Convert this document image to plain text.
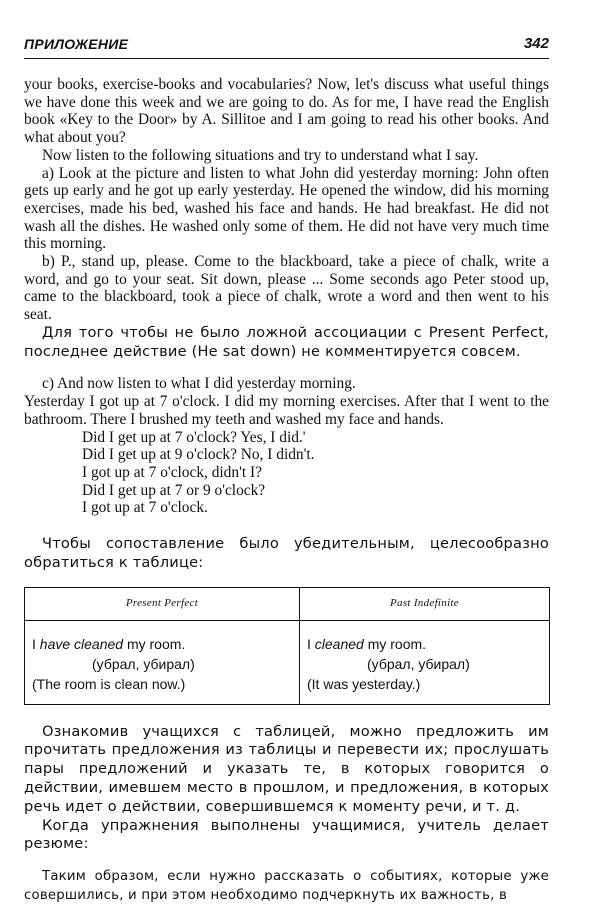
ПРИЛОЖЕНИЕ	342

your books, exercise-books and vocabularies? Now, let's discuss what useful things we have done this week and we are going to do. As for me, I have read the English book «Key to the Door» by A. Sillitoe and I am going to read his other books. And what about you?

Now listen to the following situations and try to understand what I say.

a) Look at the picture and listen to what John did yesterday morning: John often gets up early and he got up early yesterday. He opened the window, did his morning exercises, made his bed, washed his face and hands. He had breakfast. He did not wash all the dishes. He washed only some of them. He did not have very much time this morning.

b) P., stand up, please. Come to the blackboard, take a piece of chalk, write a word, and go to your seat. Sit down, please ... Some seconds ago Peter stood up, came to the blackboard, took a piece of chalk, wrote a word and then went to his seat.

Для того чтобы не было ложной ассоциации с Present Perfect, последнее действие (He sat down) не комментируется совсем.

c) And now listen to what I did yesterday morning.

Yesterday I got up at 7 o'clock. I did my morning exercises. After that I went to the bathroom. There I brushed my teeth and washed my face and hands.

Did I get up at 7 o'clock? Yes, I did.'

Did I get up at 9 o'clock? No, I didn't.

I got up at 7 o'clock, didn't I?

Did I get up at 7 or 9 o'clock?

I got up at 7 o'clock.

Чтобы сопоставление было убедительным, целесообразно обратиться к таблице:

Present Perfect	Past Indefinite
I have cleaned my room.
(убрал, убирал)
(The room is clean now.)
I cleaned my room.
(убрал, убирал)
(It was yesterday.)

Ознакомив учащихся с таблицей, можно предложить им прочитать предложения из таблицы и перевести их; прослушать пары предложений и указать те, в которых говорится о действии, имевшем место в прошлом, и предложения, в которых речь идет о действии, совершившемся к моменту речи, и т. д.

Когда упражнения выполнены учащимися, учитель делает резюме:

Таким образом, если нужно рассказать о событиях, которые уже совершились, и при этом необходимо подчеркнуть их важность, в
